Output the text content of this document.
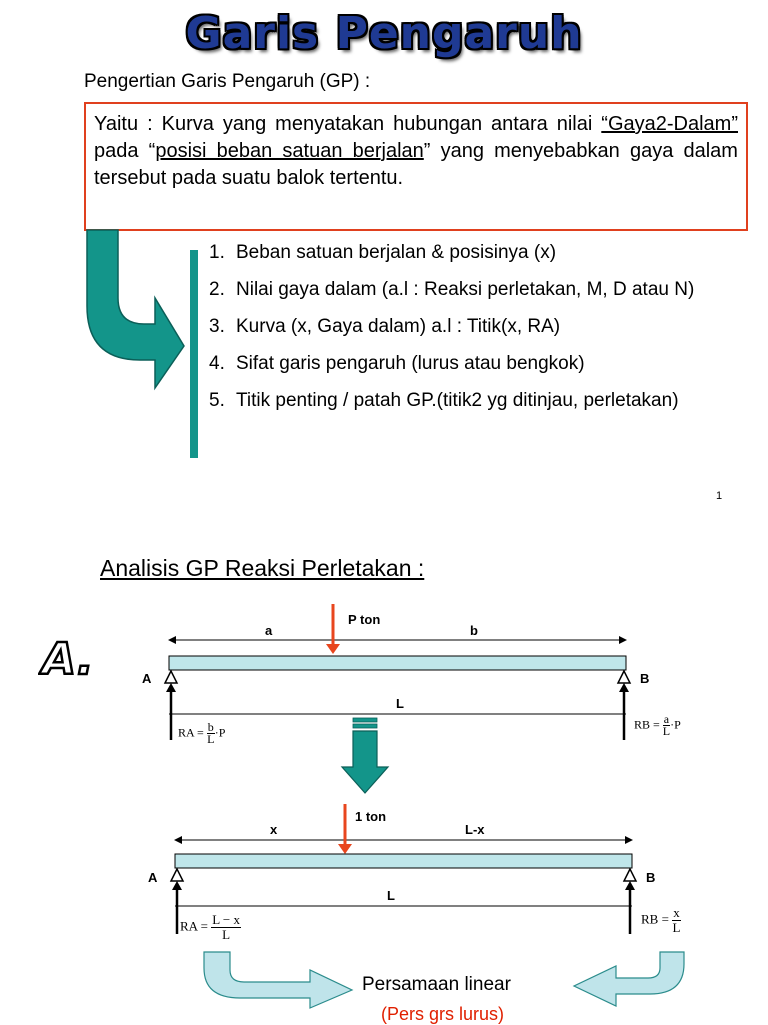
Garis Pengaruh
Pengertian Garis Pengaruh (GP) :
Yaitu : Kurva yang menyatakan hubungan antara nilai “Gaya2-Dalam” pada “posisi beban satuan berjalan” yang menyebabkan gaya dalam tersebut pada suatu balok tertentu.
1. Beban satuan berjalan & posisinya (x)
2. Nilai gaya dalam (a.l : Reaksi perletakan, M, D atau N)
3. Kurva (x, Gaya dalam) a.l : Titik(x, RA)
4. Sifat garis pengaruh (lurus atau bengkok)
5. Titik penting / patah GP.(titik2 yg ditinjau, perletakan)
1
Analisis GP Reaksi Perletakan :
A.
a	b
P ton
A	B
L
RA = $\frac{b}{L} \cdot P$
RB = $\frac{a}{L} \cdot P$
x	L-x
1 ton
A	B
L
RA = $\frac{L - x}{L}$	RB = $\frac{x}{L}$
Persamaan linear
(Pers grs lurus)
